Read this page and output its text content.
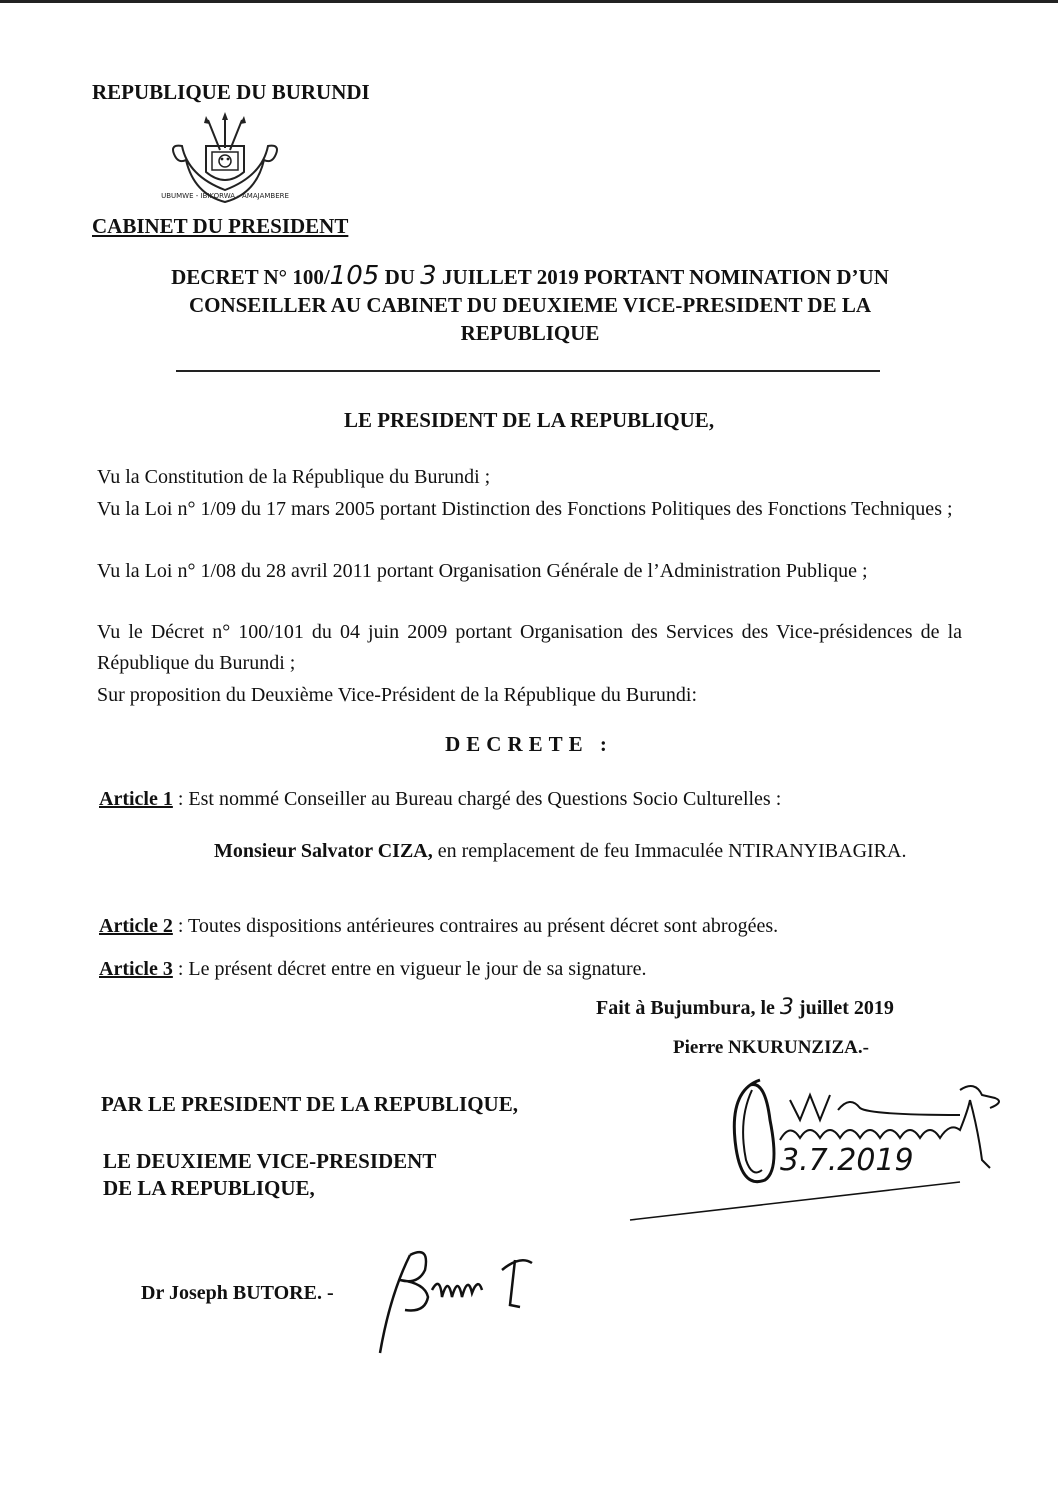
REPUBLIQUE DU BURUNDI
UBUMWE - IBIKORWA - AMAJAMBERE
CABINET DU PRESIDENT
DECRET N° 100/105 DU 3 JUILLET 2019 PORTANT NOMINATION D’UN
CONSEILLER AU CABINET DU DEUXIEME VICE-PRESIDENT DE LA
REPUBLIQUE
LE PRESIDENT DE LA REPUBLIQUE,
Vu la Constitution de la République du Burundi ;
Vu la Loi n° 1/09 du 17 mars 2005 portant Distinction des Fonctions Politiques des Fonctions Techniques ;
Vu la Loi n° 1/08 du 28 avril 2011 portant Organisation Générale de l’Administration Publique ;
Vu le Décret n° 100/101 du 04 juin 2009 portant Organisation des Services des Vice-présidences de la République du Burundi ;
Sur proposition du Deuxième Vice-Président de la République du Burundi:
DECRETE :
Article 1 : Est nommé Conseiller au Bureau chargé des Questions Socio Culturelles :
Monsieur Salvator CIZA, en remplacement de feu Immaculée NTIRANYIBAGIRA.
Article 2 : Toutes dispositions antérieures contraires au présent décret sont abrogées.
Article 3 : Le présent décret entre en vigueur le jour de sa signature.
Fait à Bujumbura, le 3 juillet 2019
Pierre NKURUNZIZA.-
3.7.2019
PAR LE PRESIDENT DE LA REPUBLIQUE,
LE DEUXIEME VICE-PRESIDENT
DE LA REPUBLIQUE,
Dr Joseph BUTORE. -
